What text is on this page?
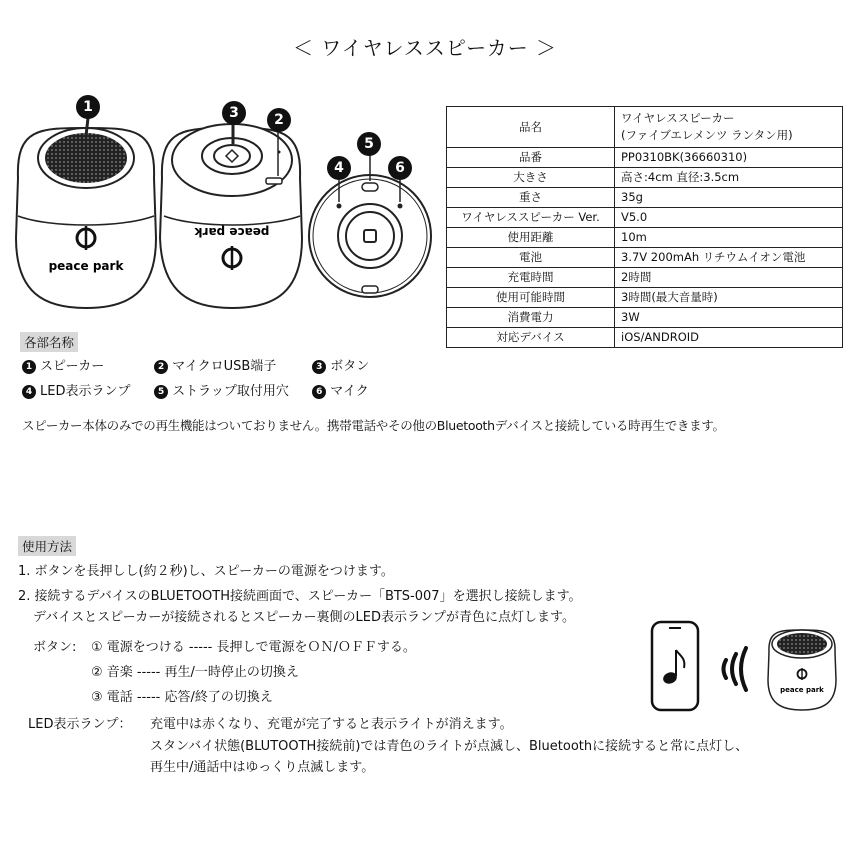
＜ ワイヤレススピーカー ＞
peace park
peace park
1	3	2
5
4	6
品名	ワイヤレススピーカー
(ファイブエレメンツ ランタン用)

品番	PP0310BK(36660310)
大きさ	高さ:4cm 直径:3.5cm
重さ	35g
ワイヤレススピーカー Ver.	V5.0
使用距離	10m
電池	3.7V 200mAh リチウムイオン電池
充電時間	2時間
使用可能時間	3時間(最大音量時)
消費電力	3W
対応デバイス	iOS/ANDROID
各部名称
1 スピーカー	2 マイクロUSB端子	3 ボタン
4 LED表示ランプ	5 ストラップ取付用穴	6 マイク
スピーカー本体のみでの再生機能はついておりません。携帯電話やその他のBluetoothデバイスと接続している時再生できます。
使用方法
1. ボタンを長押しし(約２秒)し、スピーカーの電源をつけます。
2. 接続するデバイスのBLUETOOTH接続画面で、スピーカー「BTS-007」を選択し接続します。
デバイスとスピーカーが接続されるとスピーカー裏側のLED表示ランプが青色に点灯します。
ボタン: ① 電源をつける ----- 長押しで電源をＯＮ/ＯＦＦする。
② 音楽 ----- 再生/一時停止の切換え
③ 電話 ----- 応答/終了の切換え
LED表示ランプ： 充電中は赤くなり、充電が完了すると表示ライトが消えます。
スタンバイ状態(BLUTOOTH接続前)では青色のライトが点滅し、Bluetoothに接続すると常に点灯し、
再生中/通話中はゆっくり点滅します。
peace park
